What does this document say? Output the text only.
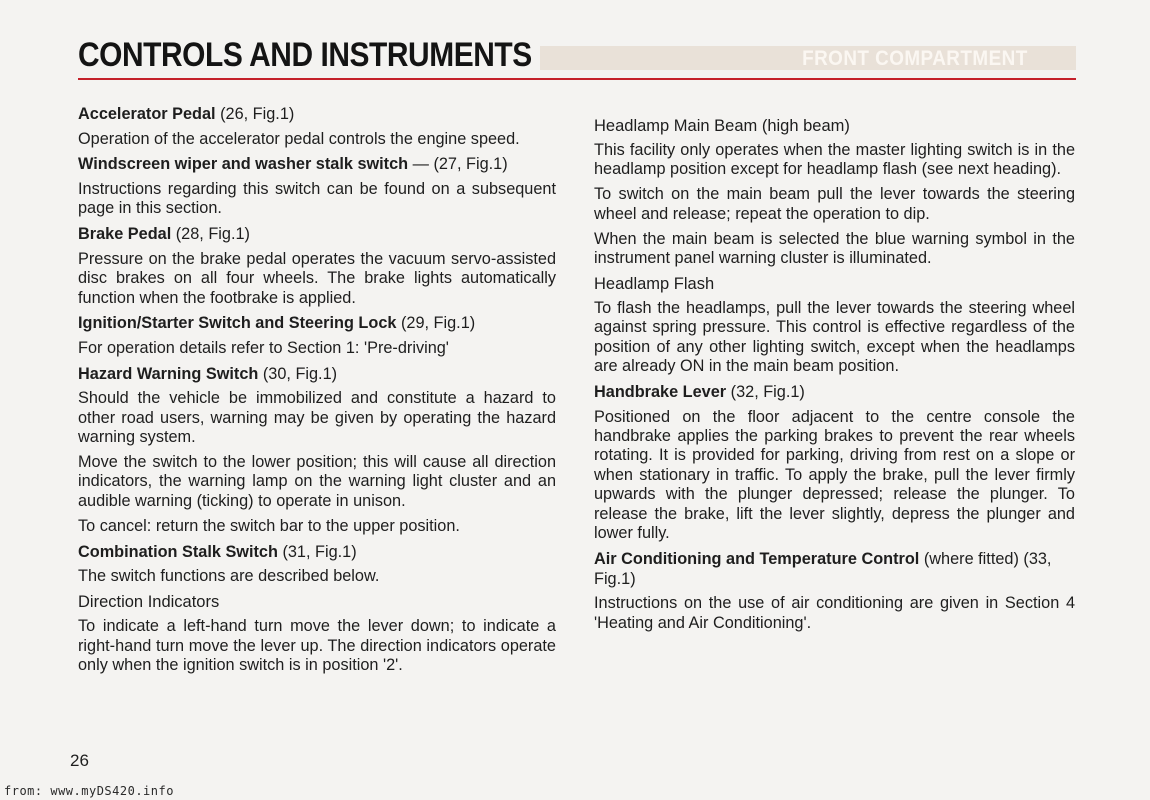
CONTROLS AND INSTRUMENTS	FRONT COMPARTMENT
Accelerator Pedal (26, Fig.1)

Operation of the accelerator pedal controls the engine speed.

Windscreen wiper and washer stalk switch — (27, Fig.1)

Instructions regarding this switch can be found on a subsequent page in this section.

Brake Pedal (28, Fig.1)

Pressure on the brake pedal operates the vacuum servo-assisted disc brakes on all four wheels. The brake lights automatically function when the footbrake is applied.

Ignition/Starter Switch and Steering Lock (29, Fig.1)

For operation details refer to Section 1: 'Pre-driving'

Hazard Warning Switch (30, Fig.1)

Should the vehicle be immobilized and constitute a hazard to other road users, warning may be given by operating the hazard warning system.

Move the switch to the lower position; this will cause all direction indicators, the warning lamp on the warning light cluster and an audible warning (ticking) to operate in unison.

To cancel: return the switch bar to the upper position.

Combination Stalk Switch (31, Fig.1)

The switch functions are described below.

Direction Indicators

To indicate a left-hand turn move the lever down; to indicate a right-hand turn move the lever up. The direction indicators operate only when the ignition switch is in position '2'.

Headlamp Main Beam (high beam)

This facility only operates when the master lighting switch is in the headlamp position except for headlamp flash (see next heading).

To switch on the main beam pull the lever towards the steering wheel and release; repeat the operation to dip.

When the main beam is selected the blue warning symbol in the instrument panel warning cluster is illuminated.

Headlamp Flash

To flash the headlamps, pull the lever towards the steering wheel against spring pressure. This control is effective regardless of the position of any other lighting switch, except when the headlamps are already ON in the main beam position.

Handbrake Lever (32, Fig.1)

Positioned on the floor adjacent to the centre console the handbrake applies the parking brakes to prevent the rear wheels rotating. It is provided for parking, driving from rest on a slope or when stationary in traffic. To apply the brake, pull the lever firmly upwards with the plunger depressed; release the plunger. To release the brake, lift the lever slightly, depress the plunger and lower fully.

Air Conditioning and Temperature Control (where fitted) (33, Fig.1)

Instructions on the use of air conditioning are given in Section 4 'Heating and Air Conditioning'.

26
from: www.myDS420.info
